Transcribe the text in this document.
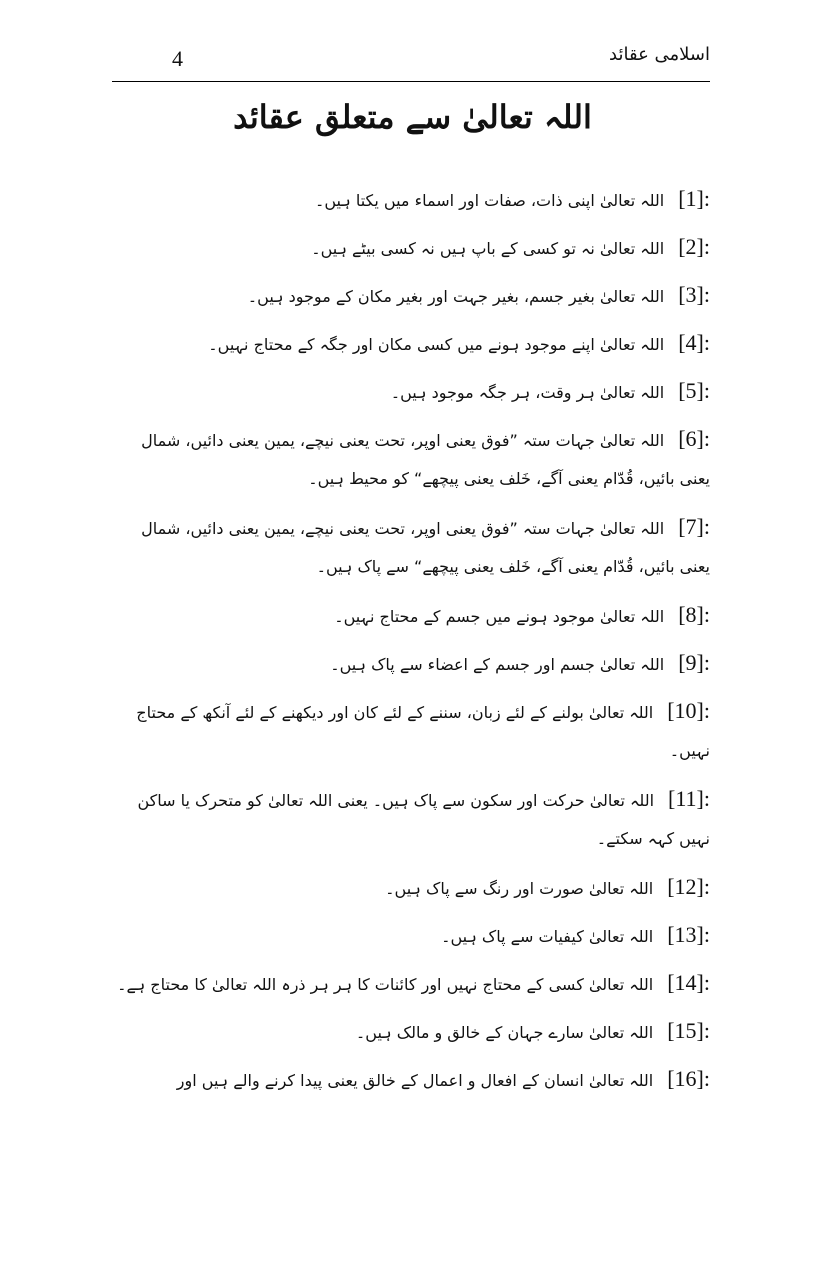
4	اسلامی عقائد
اللہ تعالیٰ سے متعلق عقائد
[1]:اللہ تعالیٰ اپنی ذات، صفات اور اسماء میں یکتا ہیں۔
[2]:اللہ تعالیٰ نہ تو کسی کے باپ ہیں نہ کسی بیٹے ہیں۔
[3]:اللہ تعالیٰ بغیر جسم، بغیر جہت اور بغیر مکان کے موجود ہیں۔
[4]:اللہ تعالیٰ اپنے موجود ہونے میں کسی مکان اور جگہ کے محتاج نہیں۔
[5]:اللہ تعالیٰ ہر وقت، ہر جگہ موجود ہیں۔
[6]:اللہ تعالیٰ جہات ستہ ”فوق یعنی اوپر، تحت یعنی نیچے، یمین یعنی دائیں، شمال یعنی بائیں، قُدّام یعنی آگے، خَلف یعنی پیچھے“ کو محیط ہیں۔
[7]:اللہ تعالیٰ جہات ستہ ”فوق یعنی اوپر، تحت یعنی نیچے، یمین یعنی دائیں، شمال یعنی بائیں، قُدّام یعنی آگے، خَلف یعنی پیچھے“ سے پاک ہیں۔
[8]:اللہ تعالیٰ موجود ہونے میں جسم کے محتاج نہیں۔
[9]:اللہ تعالیٰ جسم اور جسم کے اعضاء سے پاک ہیں۔
[10]:اللہ تعالیٰ بولنے کے لئے زبان، سننے کے لئے کان اور دیکھنے کے لئے آنکھ کے محتاج نہیں۔
[11]:اللہ تعالیٰ حرکت اور سکون سے پاک ہیں۔ یعنی اللہ تعالیٰ کو متحرک یا ساکن نہیں کہہ سکتے۔
[12]:اللہ تعالیٰ صورت اور رنگ سے پاک ہیں۔
[13]:اللہ تعالیٰ کیفیات سے پاک ہیں۔
[14]:اللہ تعالیٰ کسی کے محتاج نہیں اور کائنات کا ہر ہر ذرہ اللہ تعالیٰ کا محتاج ہے۔
[15]:اللہ تعالیٰ سارے جہان کے خالق و مالک ہیں۔
[16]:اللہ تعالیٰ انسان کے افعال و اعمال کے خالق یعنی پیدا کرنے والے ہیں اور
